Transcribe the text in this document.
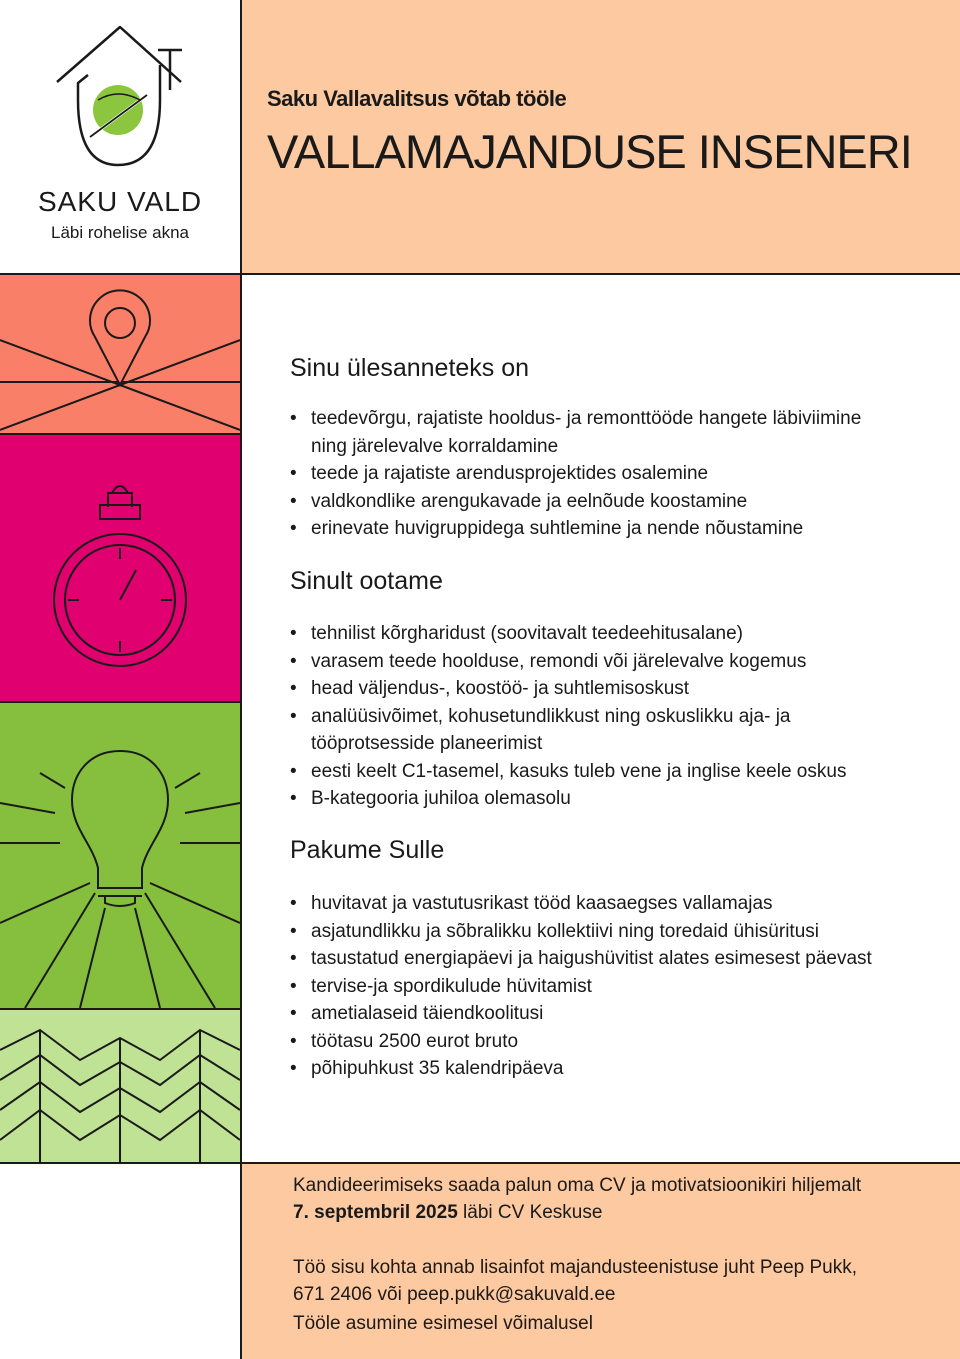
SAKU VALD
Läbi rohelise akna
Saku Vallavalitsus võtab tööle
VALLAMAJANDUSE INSENERI
Sinu ülesanneteks on
• teedevõrgu, rajatiste hooldus- ja remonttööde hangete läbiviimine ning järelevalve korraldamine
• teede ja rajatiste arendusprojektides osalemine
• valdkondlike arengukavade ja eelnõude koostamine
• erinevate huvigruppidega suhtlemine ja nende nõustamine
Sinult ootame
• tehnilist kõrgharidust (soovitavalt teedeehitusalane)
• varasem teede hoolduse, remondi või järelevalve kogemus
• head väljendus-, koostöö- ja suhtlemisoskust
• analüüsivõimet, kohusetundlikkust ning oskuslikku aja- ja tööprotsesside planeerimist
• eesti keelt C1-tasemel, kasuks tuleb vene ja inglise keele oskus
• B-kategooria juhiloa olemasolu
Pakume Sulle
• huvitavat ja vastutusrikast tööd kaasaegses vallamajas
• asjatundlikku ja sõbralikku kollektiivi ning toredaid ühisüritusi
• tasustatud energiapäevi ja haigushüvitist alates esimesest päevast
• tervise-ja spordikulude hüvitamist
• ametialaseid täiendkoolitusi
• töötasu 2500 eurot bruto
• põhipuhkust 35 kalendripäeva
Kandideerimiseks saada palun oma CV ja motivatsioonikiri hiljemalt
7. septembril 2025 läbi CV Keskuse
Töö sisu kohta annab lisainfot majandusteenistuse juht Peep Pukk,
671 2406 või peep.pukk@sakuvald.ee
Tööle asumine esimesel võimalusel
